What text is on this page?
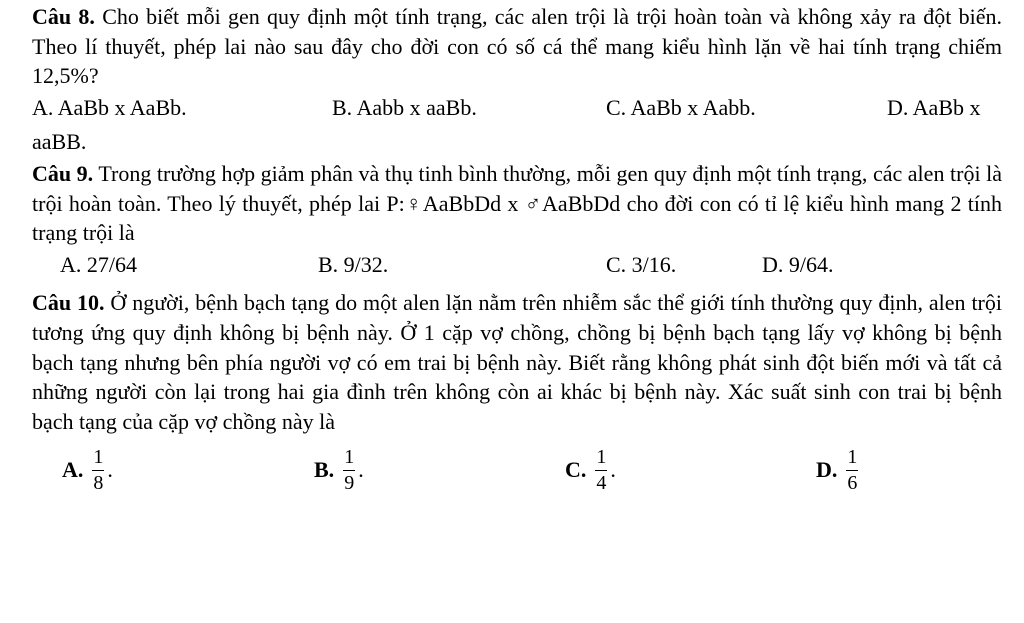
Câu 8. Cho biết mỗi gen quy định một tính trạng, các alen trội là trội hoàn toàn và không xảy ra đột biến. Theo lí thuyết, phép lai nào sau đây cho đời con có số cá thể mang kiểu hình lặn về hai tính trạng chiếm 12,5%?

A. AaBb x AaBb.	B. Aabb x aaBb.	C. AaBb x Aabb.	D. AaBb x
aaBB.

Câu 9. Trong trường hợp giảm phân và thụ tinh bình thường, mỗi gen quy định một tính trạng, các alen trội là trội hoàn toàn. Theo lý thuyết, phép lai P:♀AaBbDd x ♂AaBbDd cho đời con có tỉ lệ kiểu hình mang 2 tính trạng trội là

A. 27/64	B. 9/32.	C. 3/16.	D. 9/64.

Câu 10. Ở người, bệnh bạch tạng do một alen lặn nằm trên nhiễm sắc thể giới tính thường quy định, alen trội tương ứng quy định không bị bệnh này. Ở 1 cặp vợ chồng, chồng bị bệnh bạch tạng lấy vợ không bị bệnh bạch tạng nhưng bên phía người vợ có em trai bị bệnh này. Biết rằng không phát sinh đột biến mới và tất cả những người còn lại trong hai gia đình trên không còn ai khác bị bệnh này. Xác suất sinh con trai bị bệnh bạch tạng của cặp vợ chồng này là

A. $\frac{1}{8}$ .	B. $\frac{1}{9}$ .	C. $\frac{1}{4}$ .	D. $\frac{1}{6}$
